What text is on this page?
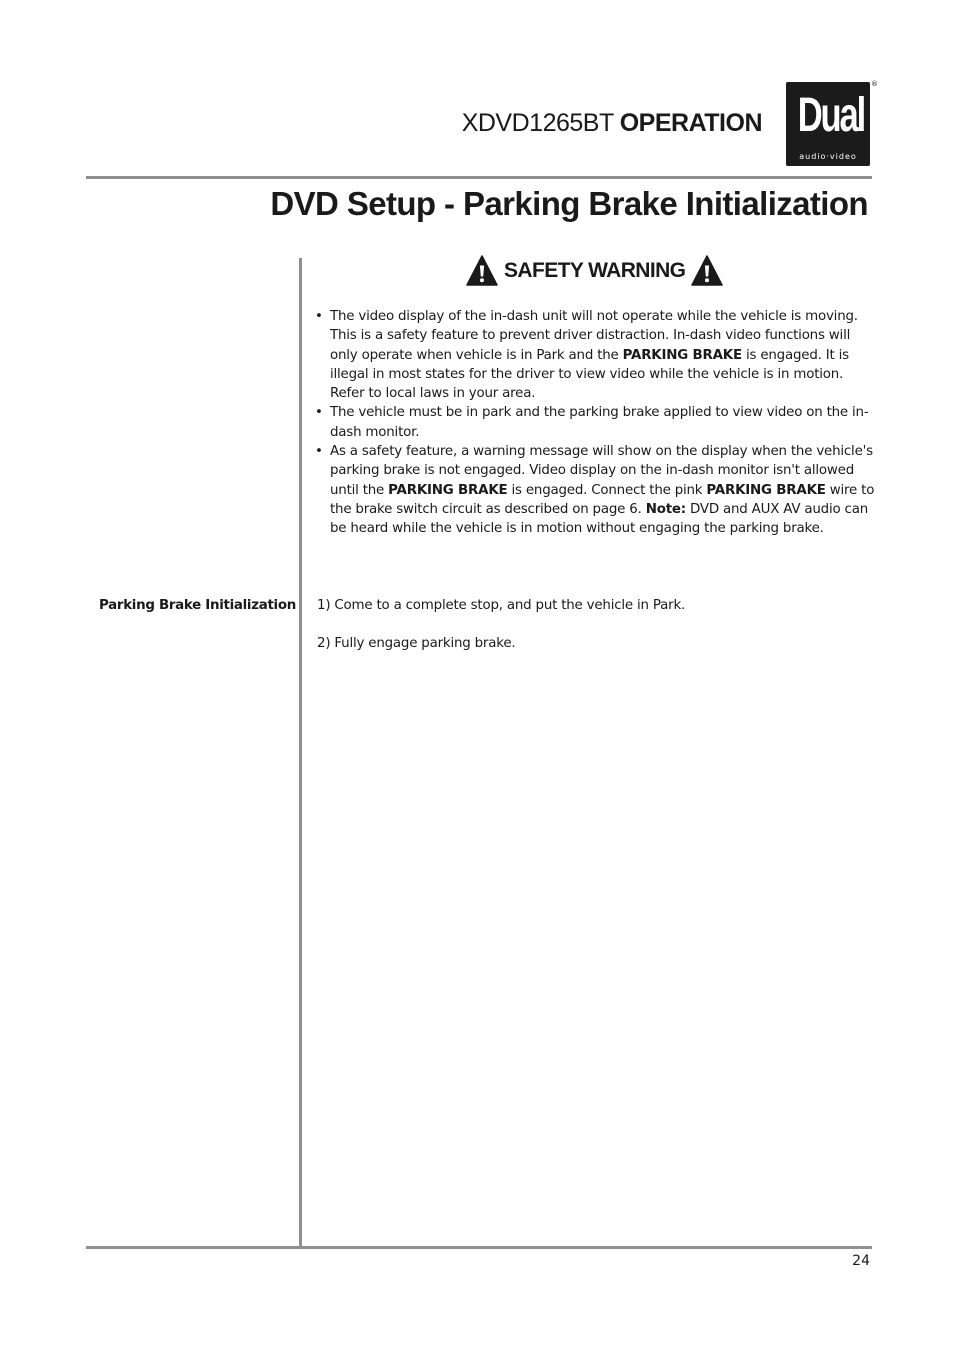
XDVD1265BT OPERATION Dual
audio·video
®
DVD Setup - Parking Brake Initialization
SAFETY WARNING
• The video display of the in-dash unit will not operate while the vehicle is moving. This is a safety feature to prevent driver distraction. In-dash video functions will only operate when vehicle is in Park and the PARKING BRAKE is engaged. It is illegal in most states for the driver to view video while the vehicle is in motion. Refer to local laws in your area.
• The vehicle must be in park and the parking brake applied to view video on the in-dash monitor.
• As a safety feature, a warning message will show on the display when the vehicle's parking brake is not engaged. Video display on the in-dash monitor isn't allowed until the PARKING BRAKE is engaged. Connect the pink PARKING BRAKE wire to the brake switch circuit as described on page 6. Note: DVD and AUX AV audio can be heard while the vehicle is in motion without engaging the parking brake.
Parking Brake Initialization 1) Come to a complete stop, and put the vehicle in Park.
2) Fully engage parking brake.
24
